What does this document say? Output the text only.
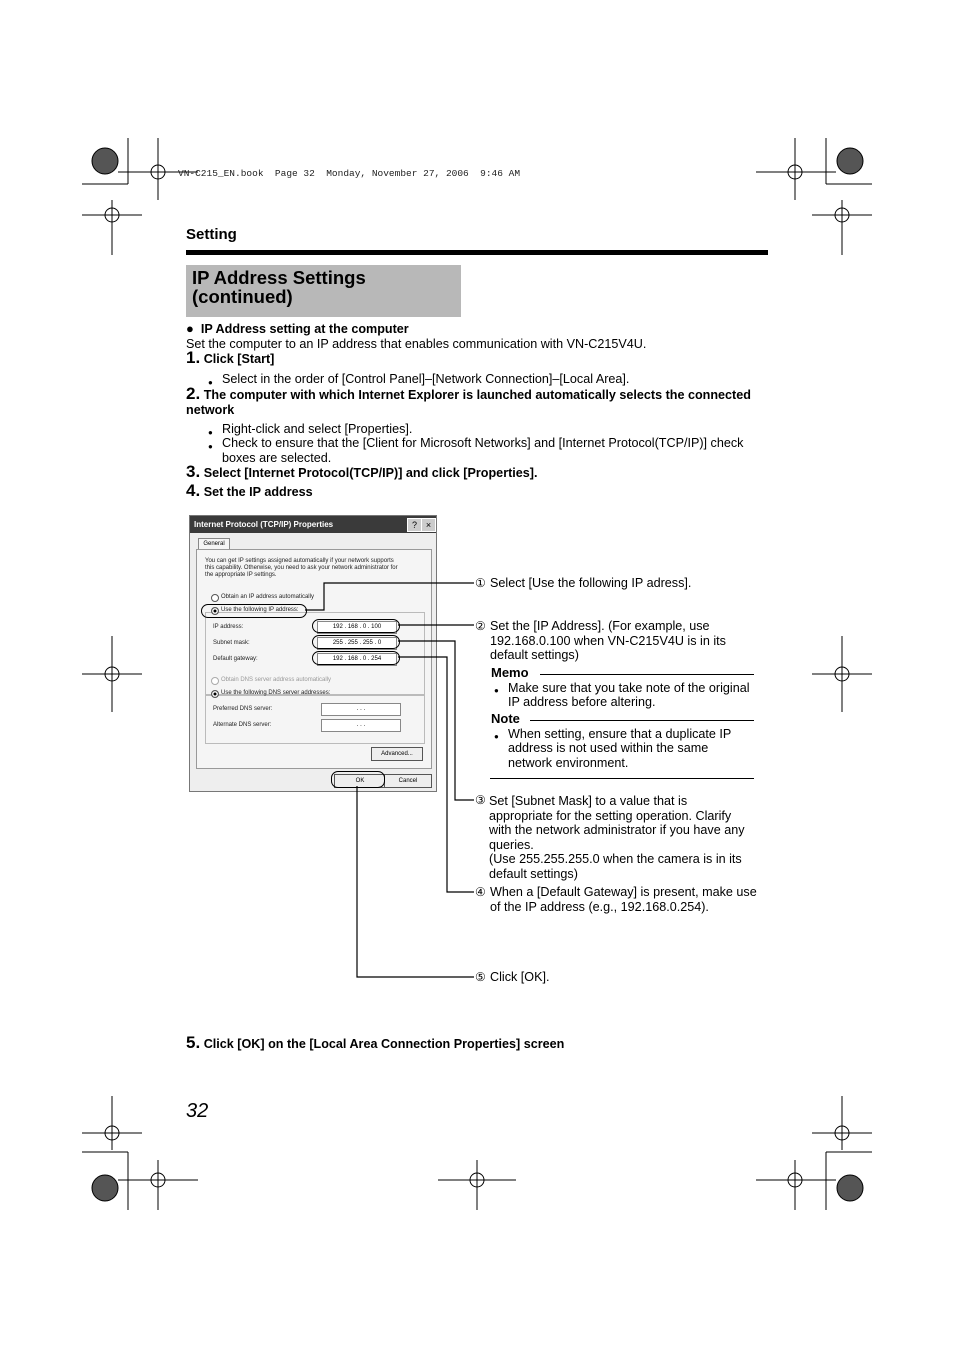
VN-C215_EN.book  Page 32  Monday, November 27, 2006  9:46 AM
Setting
IP Address Settings
(continued)
● IP Address setting at the computer
Set the computer to an IP address that enables communication with VN-C215V4U.
1. Click [Start]
● Select in the order of [Control Panel]–[Network Connection]–[Local Area].
2. The computer with which Internet Explorer is launched automatically selects the connected
network
● Right-click and select [Properties].
● Check to ensure that the [Client for Microsoft Networks] and [Internet Protocol(TCP/IP)] check
boxes are selected.
3. Select [Internet Protocol(TCP/IP)] and click [Properties].
4. Set the IP address
Internet Protocol (TCP/IP) Properties	? ×
General
You can get IP settings assigned automatically if your network supports
this capability. Otherwise, you need to ask your network administrator for
the appropriate IP settings.
Obtain an IP address automatically
Use the following IP address:
IP address:	192 . 168 . 0 . 100
Subnet mask:	255 . 255 . 255 . 0
Default gateway:	192 . 168 . 0 . 254
Obtain DNS server address automatically
Use the following DNS server addresses:
Preferred DNS server:	. . .
Alternate DNS server:	. . .
Advanced...
OK	Cancel
① Select [Use the following IP adress].
② Set the [IP Address]. (For example, use
192.168.0.100 when VN-C215V4U is in its
default settings)
Memo
● Make sure that you take note of the original
IP address before altering.
Note
● When setting, ensure that a duplicate IP
address is not used within the same
network environment.
③ Set [Subnet Mask] to a value that is
appropriate for the setting operation. Clarify
with the network administrator if you have any
queries.
(Use 255.255.255.0 when the camera is in its
default settings)
④ When a [Default Gateway] is present, make use
of the IP address (e.g., 192.168.0.254).
⑤ Click [OK].
5. Click [OK] on the [Local Area Connection Properties] screen
32
